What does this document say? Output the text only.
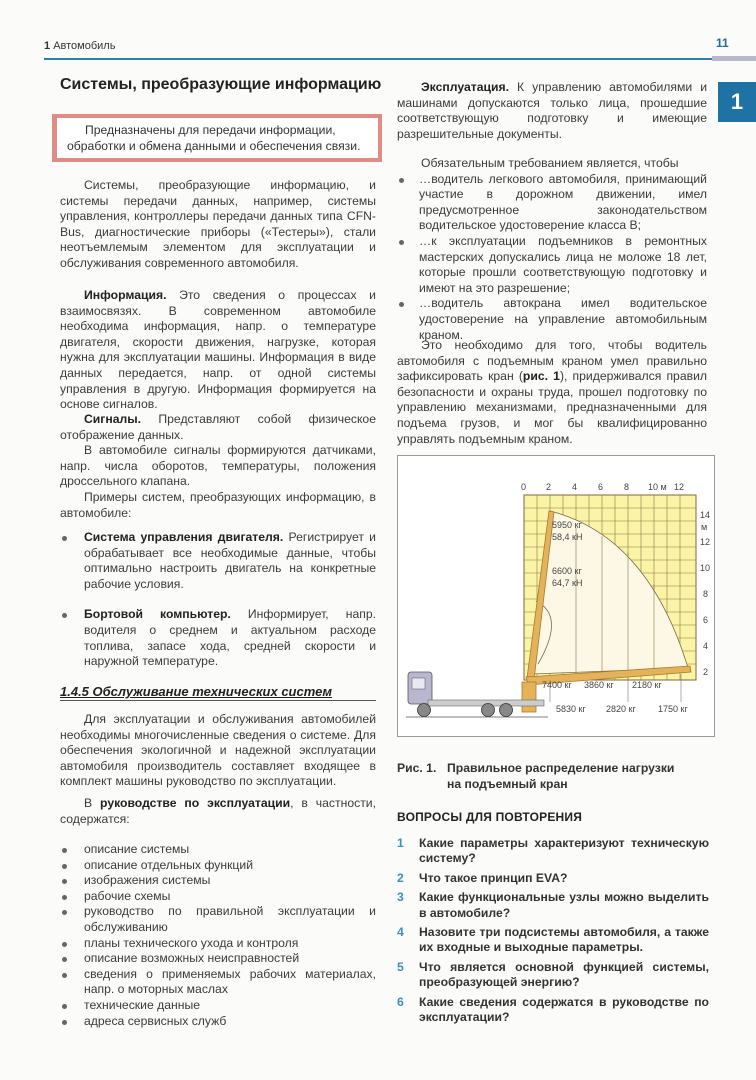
1 Автомобиль	11
1
Системы, преобразующие информацию
Предназначены для передачи информации, обработки и обмена данными и обеспечения связи.

Системы, преобразующие информацию, и системы передачи данных, например, системы управления, контроллеры передачи данных типа CFN-Bus, диагностические приборы («Тестеры»), стали неотъемлемым элементом для эксплуатации и обслуживания современного автомобиля.

Информация. Это сведения о процессах и взаимосвязях. В современном автомобиле необходима информация, напр. о температуре двигателя, скорости движения, нагрузке, которая нужна для эксплуатации машины. Информация в виде данных передается, напр. от одной системы управления в другую. Информация формируется на основе сигналов.

Сигналы. Представляют собой физическое отображение данных.

В автомобиле сигналы формируются датчиками, напр. числа оборотов, температуры, положения дроссельного клапана.

Примеры систем, преобразующих информацию, в автомобиле:

Система управления двигателя. Регистрирует и обрабатывает все необходимые данные, чтобы оптимально настроить двигатель на конкретные рабочие условия.
Бортовой компьютер. Информирует, напр. водителя о среднем и актуальном расходе топлива, запасе хода, средней скорости и наружной температуре.
1.4.5 Обслуживание технических систем

Для эксплуатации и обслуживания автомобилей необходимы многочисленные сведения о системе. Для обеспечения экологичной и надежной эксплуатации автомобиля производитель составляет входящее в комплект машины руководство по эксплуатации.

В руководстве по эксплуатации, в частности, содержатся:

описание системы
описание отдельных функций
изображения системы
рабочие схемы
руководство по правильной эксплуатации и обслуживанию
планы технического ухода и контроля
описание возможных неисправностей
сведения о применяемых рабочих материалах, напр. о моторных маслах
технические данные
адреса сервисных служб

Эксплуатация. К управлению автомобилями и машинами допускаются только лица, прошедшие соответствующую подготовку и имеющие разрешительные документы.

Обязательным требованием является, чтобы

…водитель легкового автомобиля, принимающий участие в дорожном движении, имел предусмотренное законодательством водительское удостоверение класса B;
…к эксплуатации подъемников в ремонтных мастерских допускались лица не моложе 18 лет, которые прошли соответствующую подготовку и имеют на это разрешение;
…водитель автокрана имел водительское удостоверение на управление автомобильным краном.

Это необходимо для того, чтобы водитель автомобиля с подъемным краном умел правильно зафиксировать кран (рис. 1), придерживался правил безопасности и охраны труда, прошел подготовку по управлению механизмами, предназначенными для подъема грузов, и мог бы квалифицированно управлять подъемным краном.

0 2 4 6 8 10 м 12
14
м
12
10
8
6
4
2
5950 кг
58,4 кН
6600 кг
64,7 кН
7400 кг 3860 кг 2180 кг
5830 кг 2820 кг 1750 кг
Рис. 1. Правильное распределение нагрузки
на подъемный кран
ВОПРОСЫ ДЛЯ ПОВТОРЕНИЯ
1	Какие параметры характеризуют техническую систему?
2	Что такое принцип EVA?
3	Какие функциональные узлы можно выделить в автомобиле?
4	Назовите три подсистемы автомобиля, а также их входные и выходные параметры.
5	Что является основной функцией системы, преобразующей энергию?
6	Какие сведения содержатся в руководстве по эксплуатации?
